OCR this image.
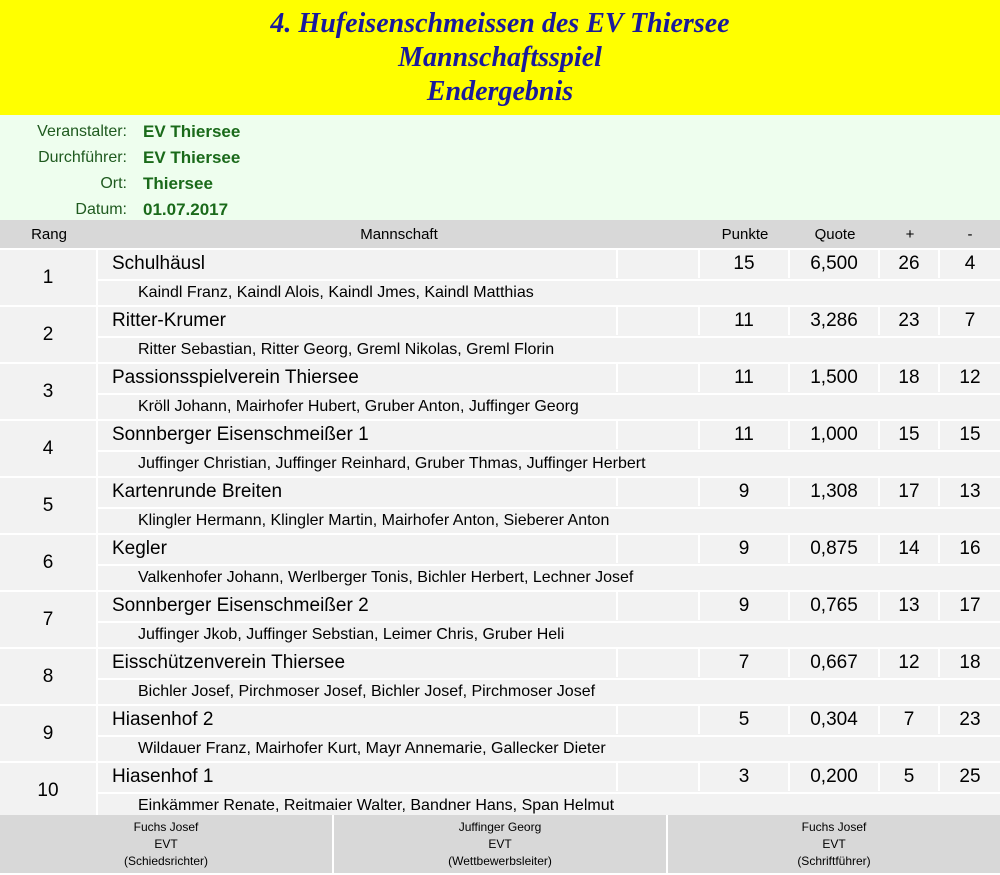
4. Hufeisenschmeissen des EV Thiersee
Mannschaftsspiel
Endergebnis
Veranstalter: EV Thiersee
Durchführer: EV Thiersee
Ort: Thiersee
Datum: 01.07.2017
Rang	Mannschaft	Punkte	Quote	+	-
1
Schulhäusl	15	6,500	26	4
Kaindl Franz, Kaindl Alois, Kaindl Jmes, Kaindl Matthias
2
Ritter-Krumer	11	3,286	23	7
Ritter Sebastian, Ritter Georg, Greml Nikolas, Greml Florin
3
Passionsspielverein Thiersee	11	1,500	18	12
Kröll Johann, Mairhofer Hubert, Gruber Anton, Juffinger Georg
4
Sonnberger Eisenschmeißer 1	11	1,000	15	15
Juffinger Christian, Juffinger Reinhard, Gruber Thmas, Juffinger Herbert
5
Kartenrunde Breiten	9	1,308	17	13
Klingler Hermann, Klingler Martin, Mairhofer Anton, Sieberer Anton
6
Kegler	9	0,875	14	16
Valkenhofer Johann, Werlberger Tonis, Bichler Herbert, Lechner Josef
7
Sonnberger Eisenschmeißer 2	9	0,765	13	17
Juffinger Jkob, Juffinger Sebstian, Leimer Chris, Gruber Heli
8
Eisschützenverein Thiersee	7	0,667	12	18
Bichler Josef, Pirchmoser Josef, Bichler Josef, Pirchmoser Josef
9
Hiasenhof 2	5	0,304	7	23
Wildauer Franz, Mairhofer Kurt, Mayr Annemarie, Gallecker Dieter
10
Hiasenhof 1	3	0,200	5	25
Einkämmer Renate, Reitmaier Walter, Bandner Hans, Span Helmut
Fuchs Josef
EVT
(Schiedsrichter)
Juffinger Georg
EVT
(Wettbewerbsleiter)
Fuchs Josef
EVT
(Schriftführer)
